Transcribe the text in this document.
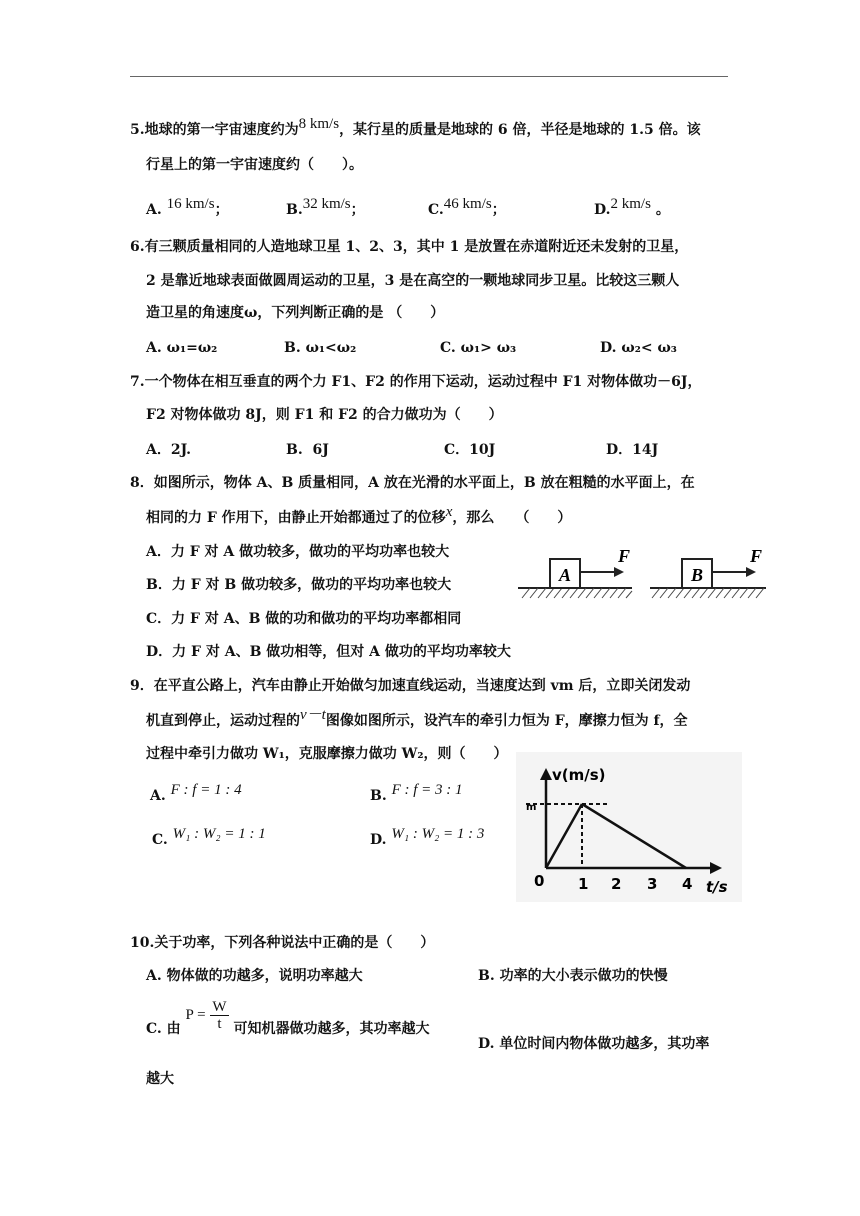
5.地球的第一宇宙速度约为8 km/s，某行星的质量是地球的 6 倍，半径是地球的 1.5 倍。该
行星上的第一宇宙速度约（　　）。
A. 16 km/s；	B.32 km/s；	C.46 km/s；	D.2 km/s 。
6.有三颗质量相同的人造地球卫星 1、2、3，其中 1 是放置在赤道附近还未发射的卫星，
2 是靠近地球表面做圆周运动的卫星，3 是在高空的一颗地球同步卫星。比较这三颗人
造卫星的角速度ω，下列判断正确的是 （　　）
A. ω₁=ω₂	B. ω₁<ω₂	C. ω₁> ω₃	D. ω₂< ω₃
7.一个物体在相互垂直的两个力 F1、F2 的作用下运动，运动过程中 F1 对物体做功－6J，
F2 对物体做功 8J，则 F1 和 F2 的合力做功为（　　）
A．2J.	B. 6J	C．10J	D．14J
8．如图所示，物体 A、B 质量相同，A 放在光滑的水平面上，B 放在粗糙的水平面上，在
相同的力 F 作用下，由静止开始都通过了的位移x，那么　　（　　）
A．力 F 对 A 做功较多，做功的平均功率也较大
B．力 F 对 B 做功较多，做功的平均功率也较大
C．力 F 对 A、B 做的功和做功的平均功率都相同
D．力 F 对 A、B 做功相等，但对 A 做功的平均功率较大
A
F
B
F
9．在平直公路上，汽车由静止开始做匀加速直线运动，当速度达到 vm 后，立即关闭发动
机直到停止，运动过程的v－t图像如图所示，设汽车的牵引力恒为 F，摩擦力恒为 f，全
过程中牵引力做功 W₁，克服摩擦力做功 W₂，则（　　）
A. F : f = 1 : 4	B. F : f = 3 : 1
C. W₁ : W₂ = 1 : 1	D. W₁ : W₂ = 1 : 3
v(m/s)
t/s
m
0 1 2 3 4
10.关于功率，下列各种说法中正确的是（　　）
A. 物体做的功越多，说明功率越大	B. 功率的大小表示做功的快慢
C. 由 $P = \frac{W}{t}$ 可知机器做功越多，其功率越大
D. 单位时间内物体做功越多，其功率
越大
